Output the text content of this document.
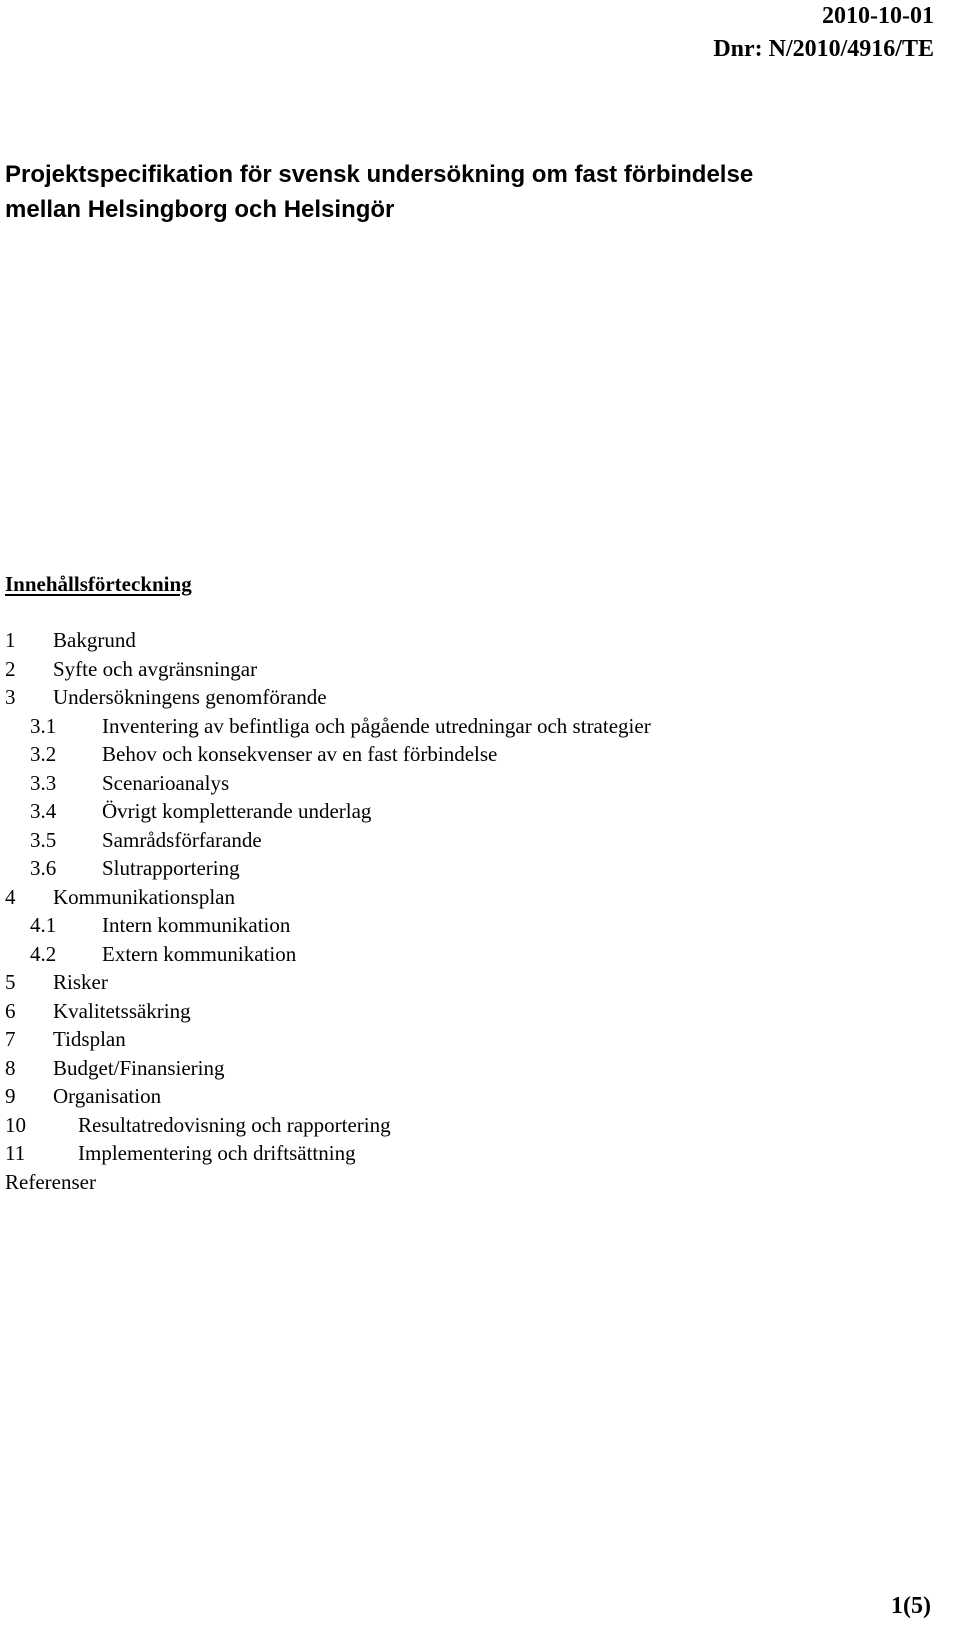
2010-10-01
Dnr: N/2010/4916/TE
Projektspecifikation för svensk undersökning om fast förbindelse
mellan Helsingborg och Helsingör
Innehållsförteckning
1 Bakgrund
2 Syfte och avgränsningar
3 Undersökningens genomförande
3.1 Inventering av befintliga och pågående utredningar och strategier
3.2 Behov och konsekvenser av en fast förbindelse
3.3 Scenarioanalys
3.4 Övrigt kompletterande underlag
3.5 Samrådsförfarande
3.6 Slutrapportering
4 Kommunikationsplan
4.1 Intern kommunikation
4.2 Extern kommunikation
5 Risker
6 Kvalitetssäkring
7 Tidsplan
8 Budget/Finansiering
9 Organisation
10 Resultatredovisning och rapportering
11	Implementering och driftsättning
Referenser
1(5)
